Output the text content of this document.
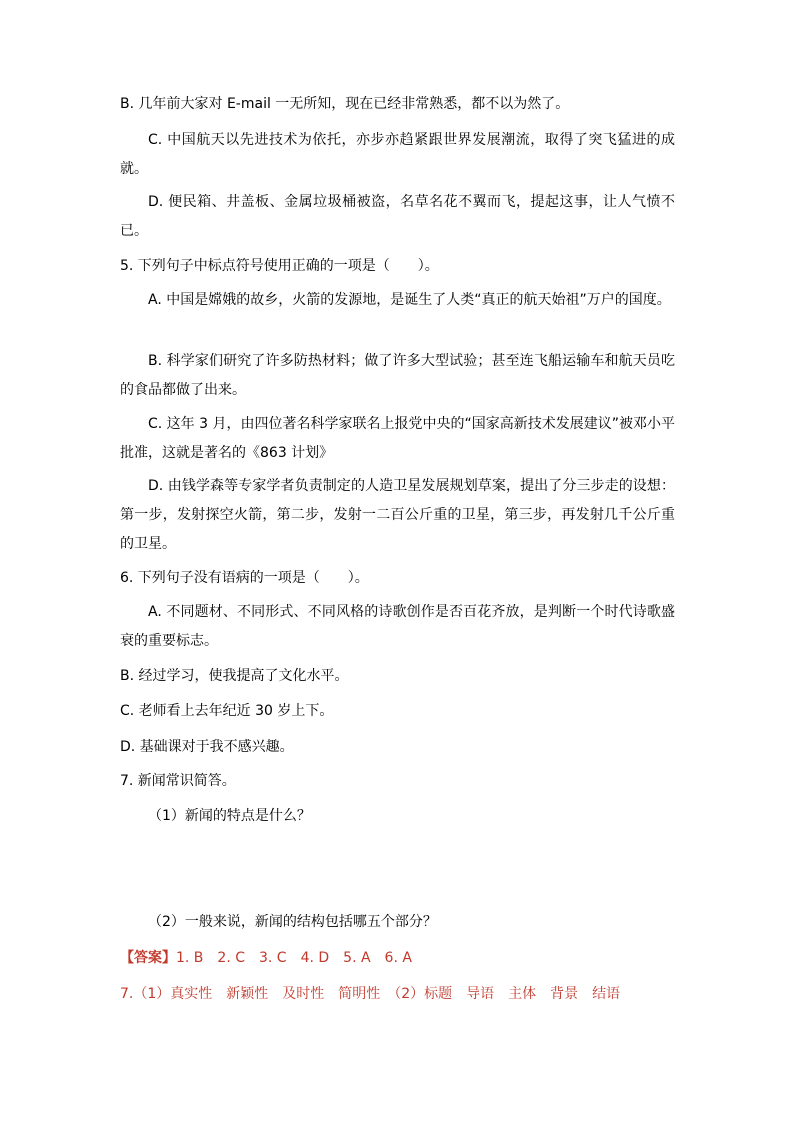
B. 几年前大家对 E-mail 一无所知，现在已经非常熟悉，都不以为然了。
C. 中国航天以先进技术为依托，亦步亦趋紧跟世界发展潮流，取得了突飞猛进的成就。
D. 便民箱、井盖板、金属垃圾桶被盗，名草名花不翼而飞，提起这事，让人气愤不已。
5. 下列句子中标点符号使用正确的一项是（　　）。
A. 中国是嫦娥的故乡，火箭的发源地，是诞生了人类“真正的航天始祖”万户的国度。
B. 科学家们研究了许多防热材料；做了许多大型试验；甚至连飞船运输车和航天员吃的食品都做了出来。
C. 这年 3 月，由四位著名科学家联名上报党中央的“国家高新技术发展建议”被邓小平批准，这就是著名的《863 计划》
D. 由钱学森等专家学者负责制定的人造卫星发展规划草案，提出了分三步走的设想：第一步，发射探空火箭，第二步，发射一二百公斤重的卫星，第三步，再发射几千公斤重的卫星。
6. 下列句子没有语病的一项是（　　）。
A. 不同题材、不同形式、不同风格的诗歌创作是否百花齐放，是判断一个时代诗歌盛衰的重要标志。
B. 经过学习，使我提高了文化水平。
C. 老师看上去年纪近 30 岁上下。
D. 基础课对于我不感兴趣。
7. 新闻常识简答。
（1）新闻的特点是什么？
（2）一般来说，新闻的结构包括哪五个部分？
【答案】1. B　2. C　3. C　4. D　5. A　6. A
7.（1）真实性　新颖性　及时性　简明性　（2）标题　导语　主体　背景　结语
